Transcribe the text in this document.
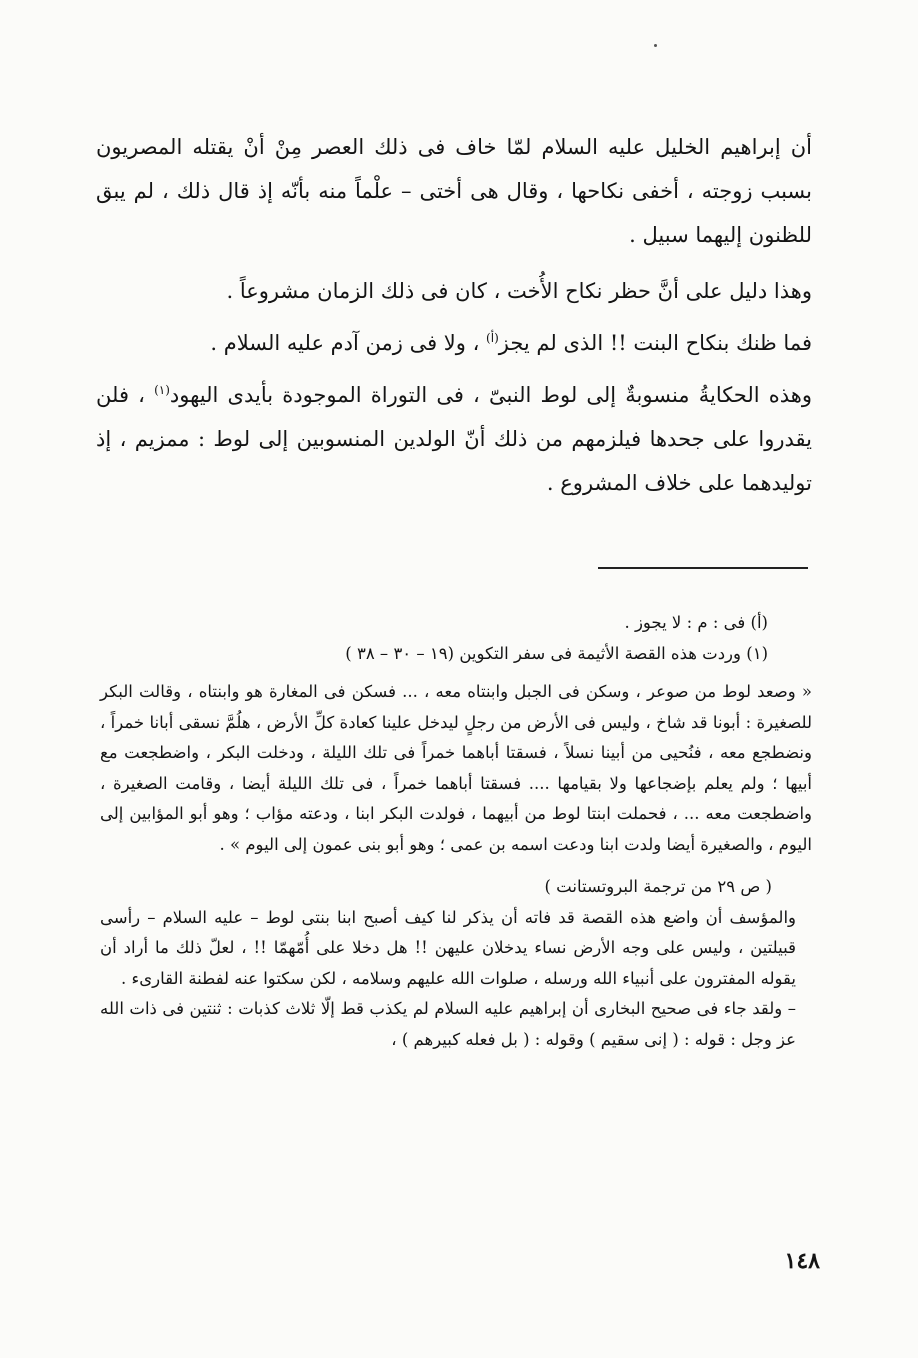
أن إبراهيم الخليل عليه السلام لمّا خاف فى ذلك العصر مِنْ أنْ يقتله المصريون بسبب زوجته ، أخفى نكاحها ، وقال هى أختى – علْماً منه بأنّه إذ قال ذلك ، لم يبق للظنون إليهما سبيل .

وهذا دليل على أنَّ حظر نكاح الأُخت ، كان فى ذلك الزمان مشروعاً .

فما ظنك بنكاح البنت !! الذى لم يجز$^{(أ)}$ ، ولا فى زمن آدم عليه السلام .

وهذه الحكايةُ منسوبةٌ إلى لوط النبىّ ، فى التوراة الموجودة بأيدى اليهود$^{(١)}$ ، فلن يقدروا على جحدها فيلزمهم من ذلك أنّ الولدين المنسوبين إلى لوط : ممزيم ، إذ توليدهما على خلاف المشروع .

(أ) فى : م : لا يجوز .

(١) وردت هذه القصة الأثيمة فى سفر التكوين (١٩ – ٣٠ – ٣٨ )

« وصعد لوط من صوعر ، وسكن فى الجبل وابنتاه معه ، ... فسكن فى المغارة هو وابنتاه ، وقالت البكر للصغيرة : أبونا قد شاخ ، وليس فى الأرض من رجلٍ ليدخل علينا كعادة كلِّ الأرض ، هلُمَّ نسقى أبانا خمراً ، ونضطجع معه ، فنُحيى من أبينا نسلاً ، فسقتا أباهما خمراً فى تلك الليلة ، ودخلت البكر ، واضطجعت مع أبيها ؛ ولم يعلم بإضجاعها ولا بقيامها .... فسقتا أباهما خمراً ، فى تلك الليلة أيضا ، وقامت الصغيرة ، واضطجعت معه ... ، فحملت ابنتا لوط من أبيهما ، فولدت البكر ابنا ، ودعته مؤاب ؛ وهو أبو المؤابين إلى اليوم ، والصغيرة أيضا ولدت ابنا ودعت اسمه بن عمى ؛ وهو أبو بنى عمون إلى اليوم » .

( ص ٢٩ من ترجمة البروتستانت )

والمؤسف أن واضع هذه القصة قد فاته أن يذكر لنا كيف أصبح ابنا بنتى لوط – عليه السلام – رأسى قبيلتين ، وليس على وجه الأرض نساء يدخلان عليهن !! هل دخلا على أُمّهمّا !! ، لعلّ ذلك ما أراد أن يقوله المفترون على أنبياء الله ورسله ، صلوات الله عليهم وسلامه ، لكن سكتوا عنه لفطنة القارىء .

– ولقد جاء فى صحيح البخارى أن إبراهيم عليه السلام لم يكذب قط إلّا ثلاث كذبات : ثنتين فى ذات الله عز وجل : قوله : ( إنى سقيم ) وقوله : ( بل فعله كبيرهم ) ،

١٤٨
